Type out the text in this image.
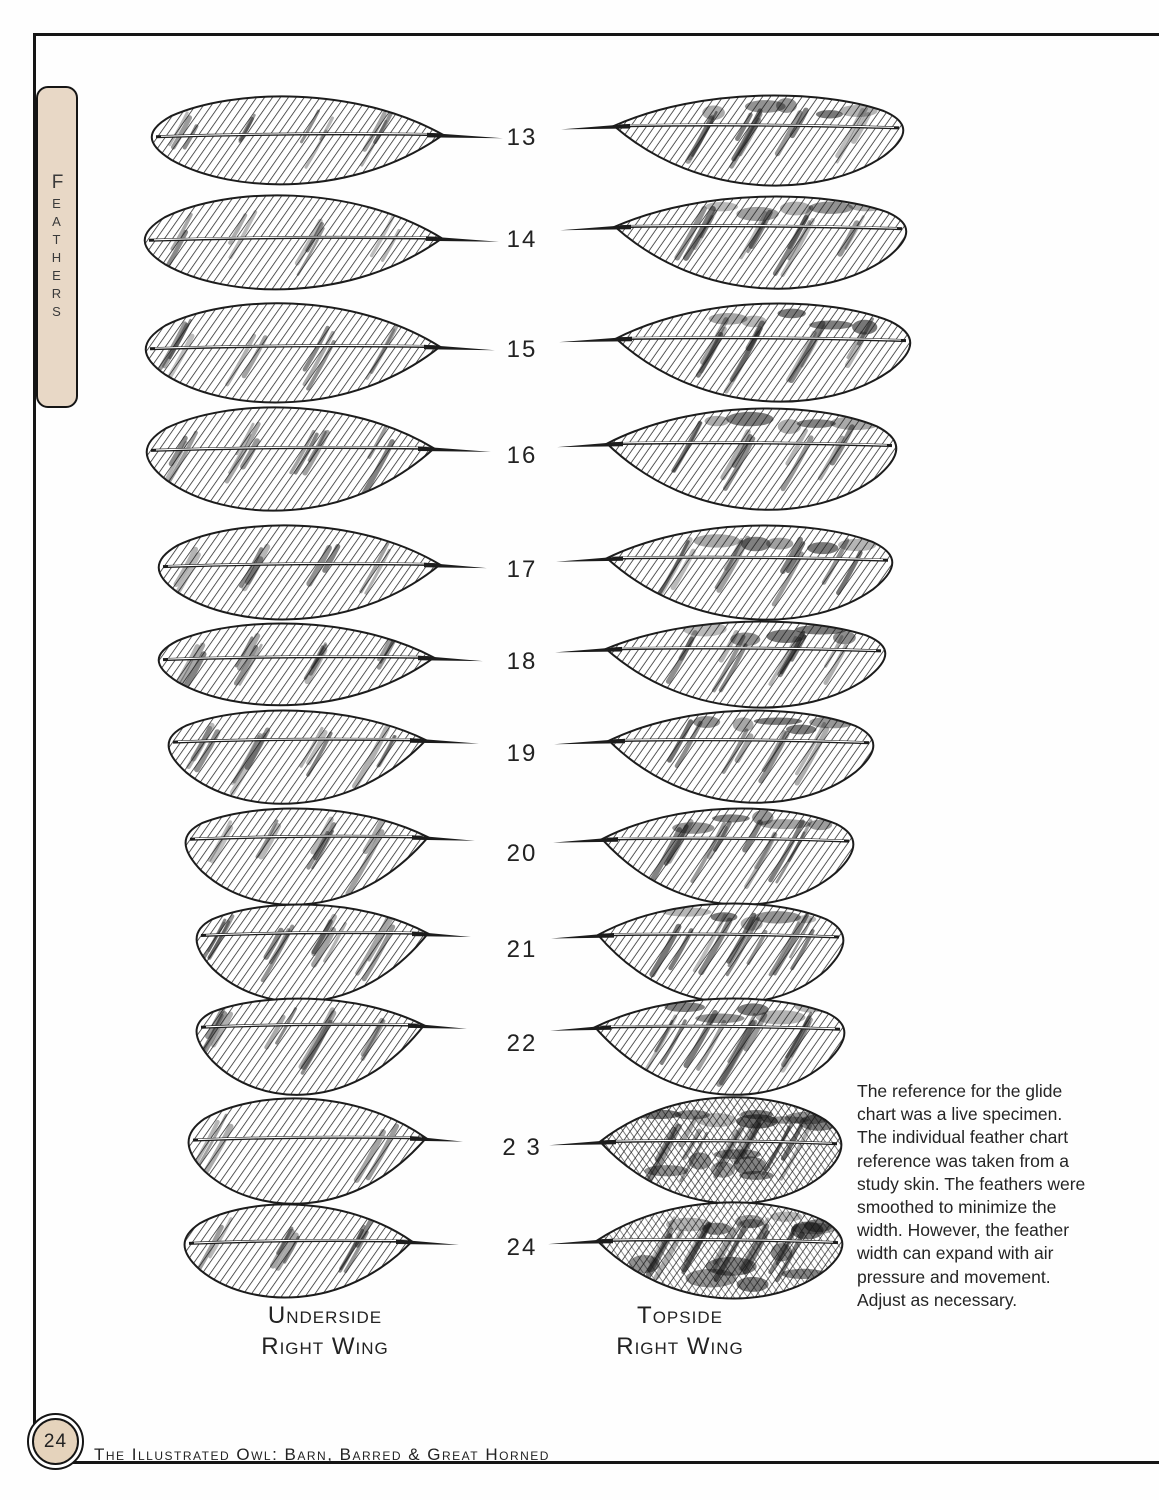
Feathers
13
14
15
16
17
18
19
20
21
22
2 3
24
Underside
Right Wing
Topside
Right Wing
The reference for the glide chart was a live specimen. The individual feather chart reference was taken from a study skin. The feathers were smoothed to minimize the width. However, the feather width can expand with air pressure and movement. Adjust as necessary.
24
The Illustrated Owl: Barn, Barred & Great Horned
